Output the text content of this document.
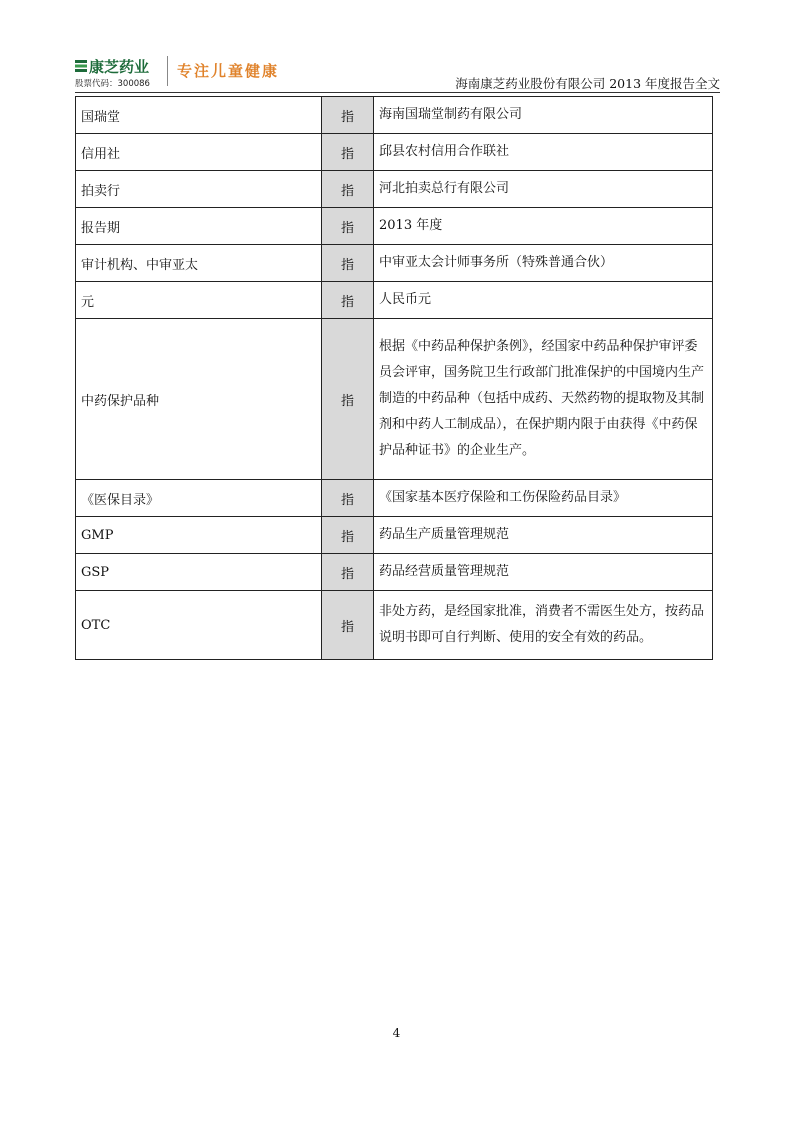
康芝药业
股票代码：300086
专注儿童健康
海南康芝药业股份有限公司 2013 年度报告全文
国瑞堂	指	海南国瑞堂制药有限公司
信用社	指	邱县农村信用合作联社
拍卖行	指	河北拍卖总行有限公司
报告期	指	2013 年度
审计机构、中审亚太	指	中审亚太会计师事务所（特殊普通合伙）
元	指	人民币元
中药保护品种	指	根据《中药品种保护条例》，经国家中药品种保护审评委员会评审，国务院卫生行政部门批准保护的中国境内生产制造的中药品种（包括中成药、天然药物的提取物及其制剂和中药人工制成品），在保护期内限于由获得《中药保护品种证书》的企业生产。
《医保目录》	指	《国家基本医疗保险和工伤保险药品目录》
GMP	指	药品生产质量管理规范
GSP	指	药品经营质量管理规范
OTC	指	非处方药，是经国家批准，消费者不需医生处方，按药品说明书即可自行判断、使用的安全有效的药品。
4
